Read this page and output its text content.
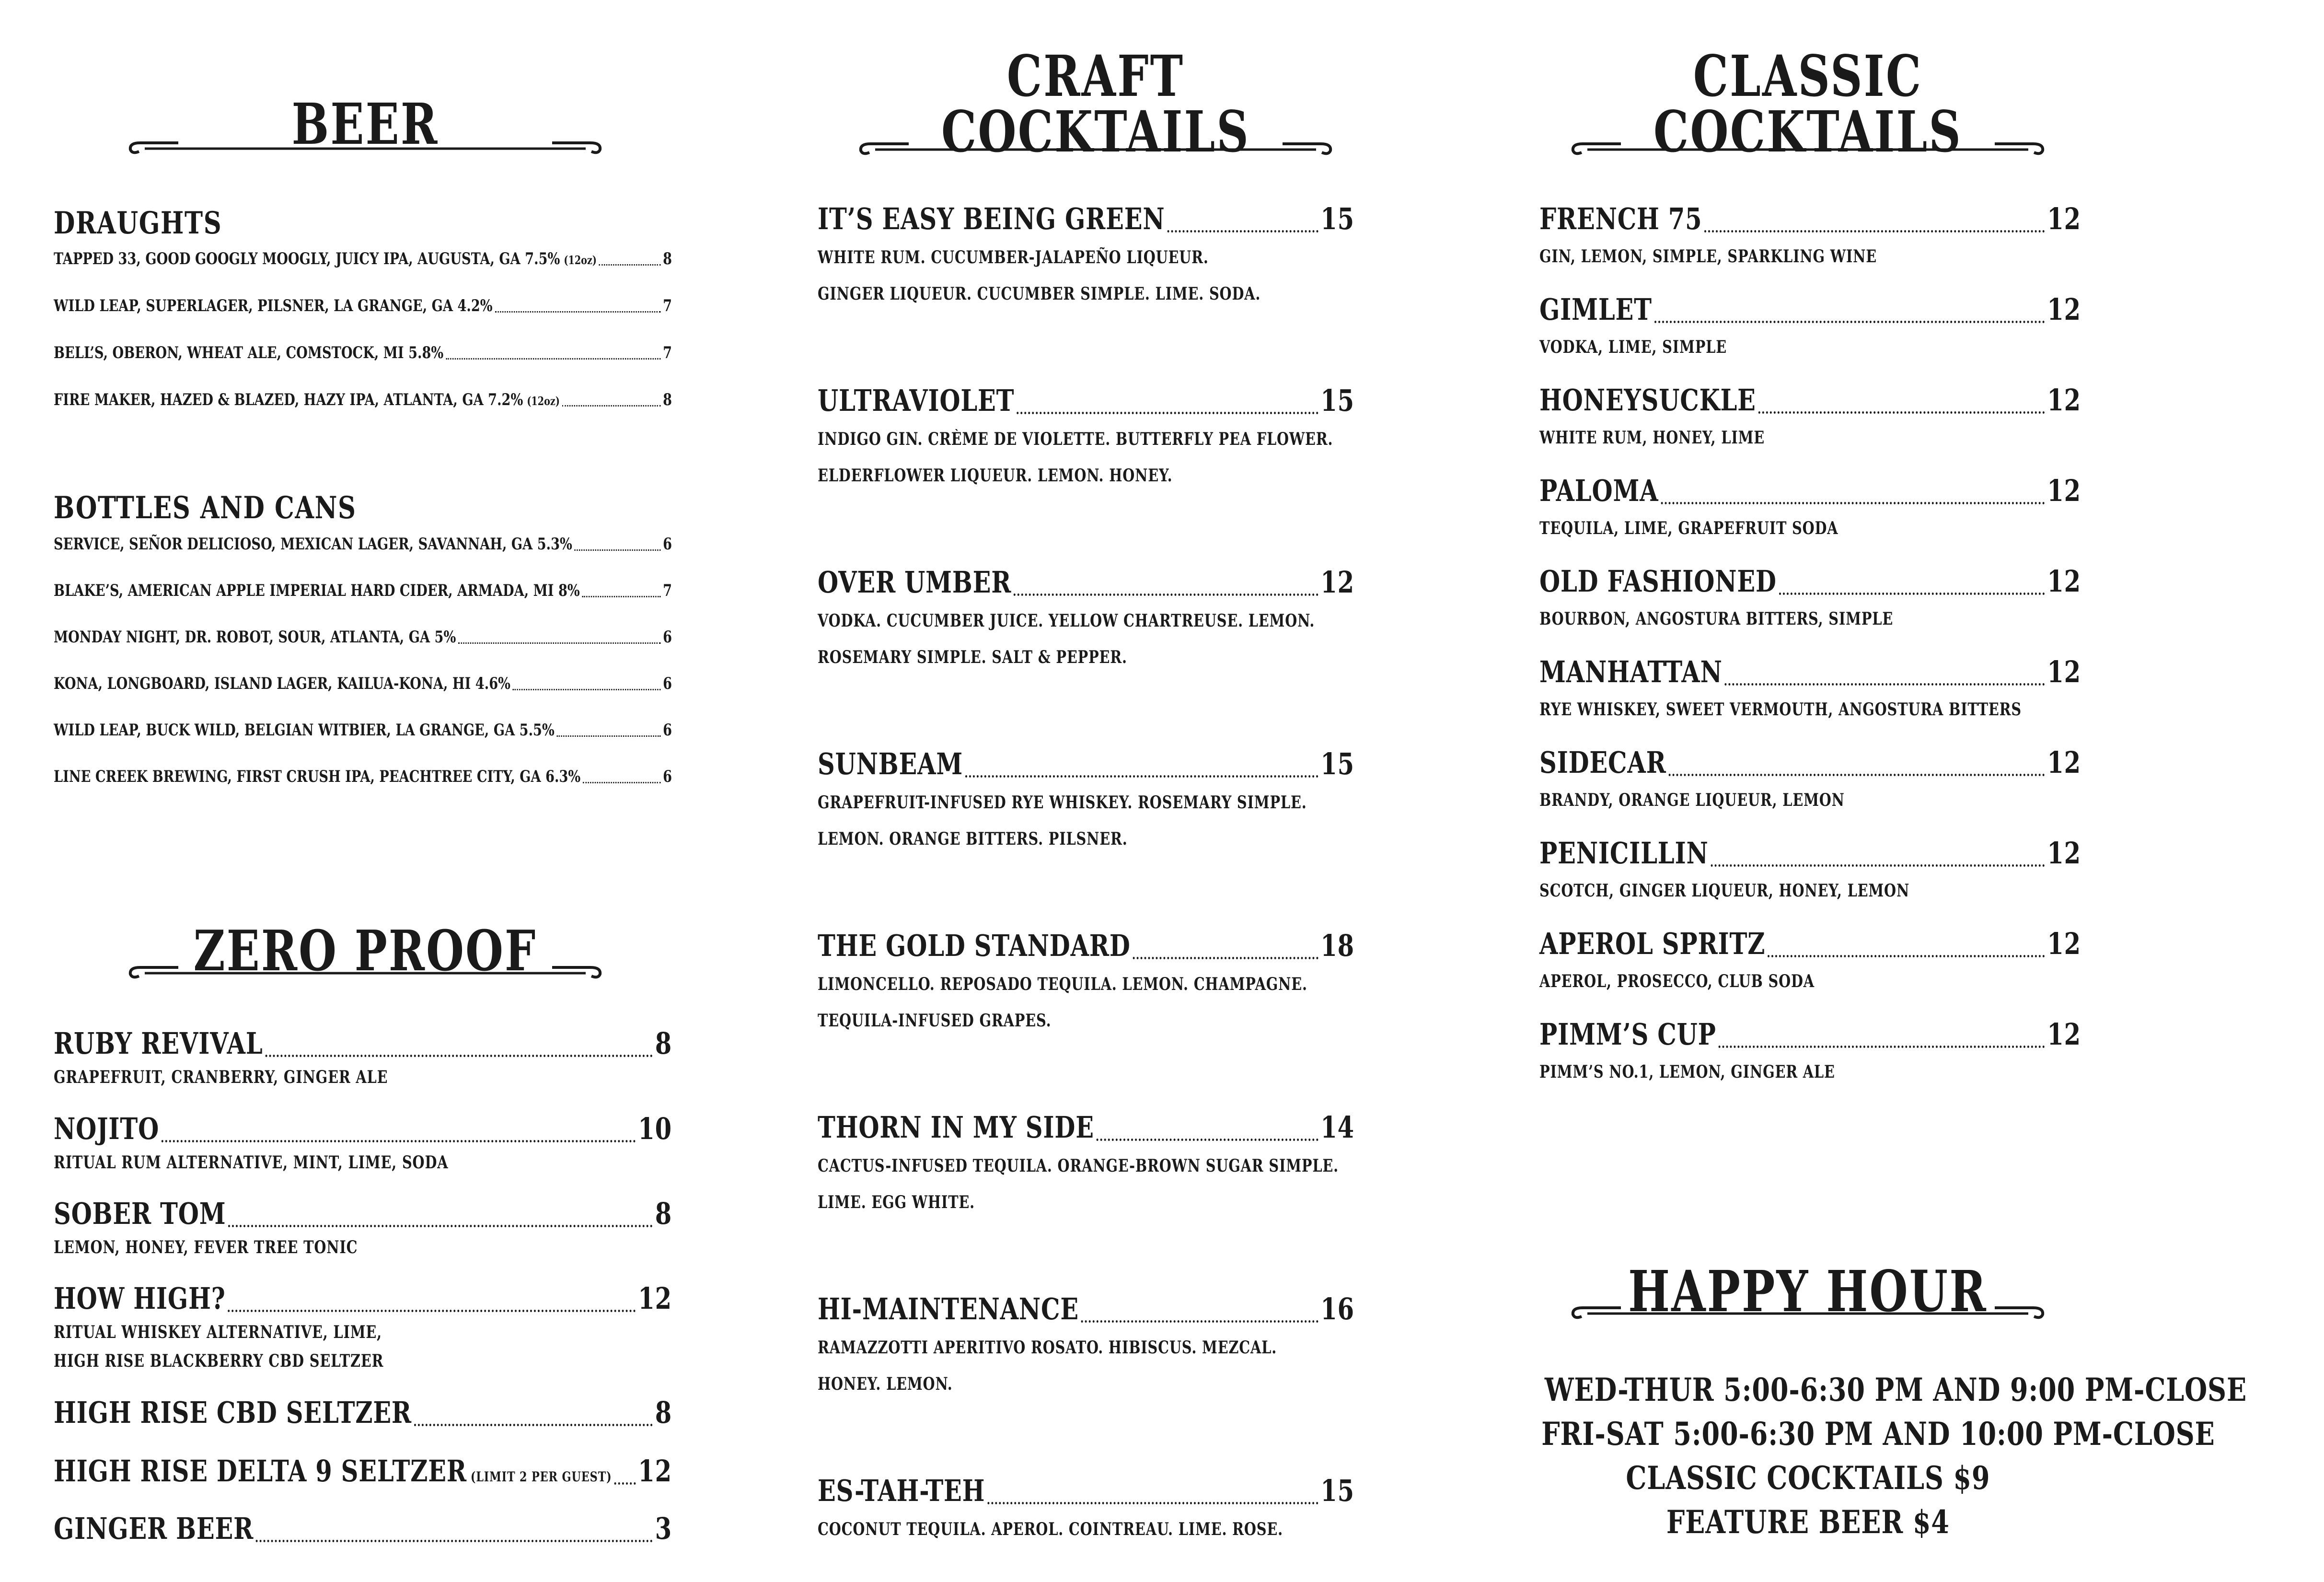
BEER
DRAUGHTS
TAPPED 33, GOOD GOOGLY MOOGLY, JUICY IPA, AUGUSTA, GA 7.5% (12oz)	8
WILD LEAP, SUPERLAGER, PILSNER, LA GRANGE, GA 4.2%	7
BELL’S, OBERON, WHEAT ALE, COMSTOCK, MI 5.8%	7
FIRE MAKER, HAZED & BLAZED, HAZY IPA, ATLANTA, GA 7.2% (12oz)	8
BOTTLES AND CANS
SERVICE, SEÑOR DELICIOSO, MEXICAN LAGER, SAVANNAH, GA 5.3%	6
BLAKE’S, AMERICAN APPLE IMPERIAL HARD CIDER, ARMADA, MI 8%	7
MONDAY NIGHT, DR. ROBOT, SOUR, ATLANTA, GA 5%	6
KONA, LONGBOARD, ISLAND LAGER, KAILUA-KONA, HI 4.6%	6
WILD LEAP, BUCK WILD, BELGIAN WITBIER, LA GRANGE, GA 5.5%	6
LINE CREEK BREWING, FIRST CRUSH IPA, PEACHTREE CITY, GA 6.3%	6
ZERO PROOF
RUBY REVIVAL	8
GRAPEFRUIT, CRANBERRY, GINGER ALE
NOJITO	10
RITUAL RUM ALTERNATIVE, MINT, LIME, SODA
SOBER TOM	8
LEMON, HONEY, FEVER TREE TONIC
HOW HIGH?	12
RITUAL WHISKEY ALTERNATIVE, LIME,
HIGH RISE BLACKBERRY CBD SELTZER
HIGH RISE CBD SELTZER	8
HIGH RISE DELTA 9 SELTZER (LIMIT 2 PER GUEST) 12
GINGER BEER	3
CRAFT
COCKTAILS
IT’S EASY BEING GREEN	15
WHITE RUM. CUCUMBER-JALAPEÑO LIQUEUR.
GINGER LIQUEUR. CUCUMBER SIMPLE. LIME. SODA.
ULTRAVIOLET	15
INDIGO GIN. CRÈME DE VIOLETTE. BUTTERFLY PEA FLOWER.
ELDERFLOWER LIQUEUR. LEMON. HONEY.
OVER UMBER	12
VODKA. CUCUMBER JUICE. YELLOW CHARTREUSE. LEMON.
ROSEMARY SIMPLE. SALT & PEPPER.
SUNBEAM	15
GRAPEFRUIT-INFUSED RYE WHISKEY. ROSEMARY SIMPLE.
LEMON. ORANGE BITTERS. PILSNER.
THE GOLD STANDARD	18
LIMONCELLO. REPOSADO TEQUILA. LEMON. CHAMPAGNE.
TEQUILA-INFUSED GRAPES.
THORN IN MY SIDE	14
CACTUS-INFUSED TEQUILA. ORANGE-BROWN SUGAR SIMPLE.
LIME. EGG WHITE.
HI-MAINTENANCE	16
RAMAZZOTTI APERITIVO ROSATO. HIBISCUS. MEZCAL.
HONEY. LEMON.
ES-TAH-TEH	15
COCONUT TEQUILA. APEROL. COINTREAU. LIME. ROSE.
CLASSIC
COCKTAILS
FRENCH 75	12
GIN, LEMON, SIMPLE, SPARKLING WINE
GIMLET	12
VODKA, LIME, SIMPLE
HONEYSUCKLE	12
WHITE RUM, HONEY, LIME
PALOMA	12
TEQUILA, LIME, GRAPEFRUIT SODA
OLD FASHIONED	12
BOURBON, ANGOSTURA BITTERS, SIMPLE
MANHATTAN	12
RYE WHISKEY, SWEET VERMOUTH, ANGOSTURA BITTERS
SIDECAR	12
BRANDY, ORANGE LIQUEUR, LEMON
PENICILLIN	12
SCOTCH, GINGER LIQUEUR, HONEY, LEMON
APEROL SPRITZ	12
APEROL, PROSECCO, CLUB SODA
PIMM’S CUP	12
PIMM’S NO.1, LEMON, GINGER ALE
HAPPY HOUR
WED-THUR 5:00-6:30 PM AND 9:00 PM-CLOSE
FRI-SAT 5:00-6:30 PM AND 10:00 PM-CLOSE
CLASSIC COCKTAILS $9
FEATURE BEER $4
